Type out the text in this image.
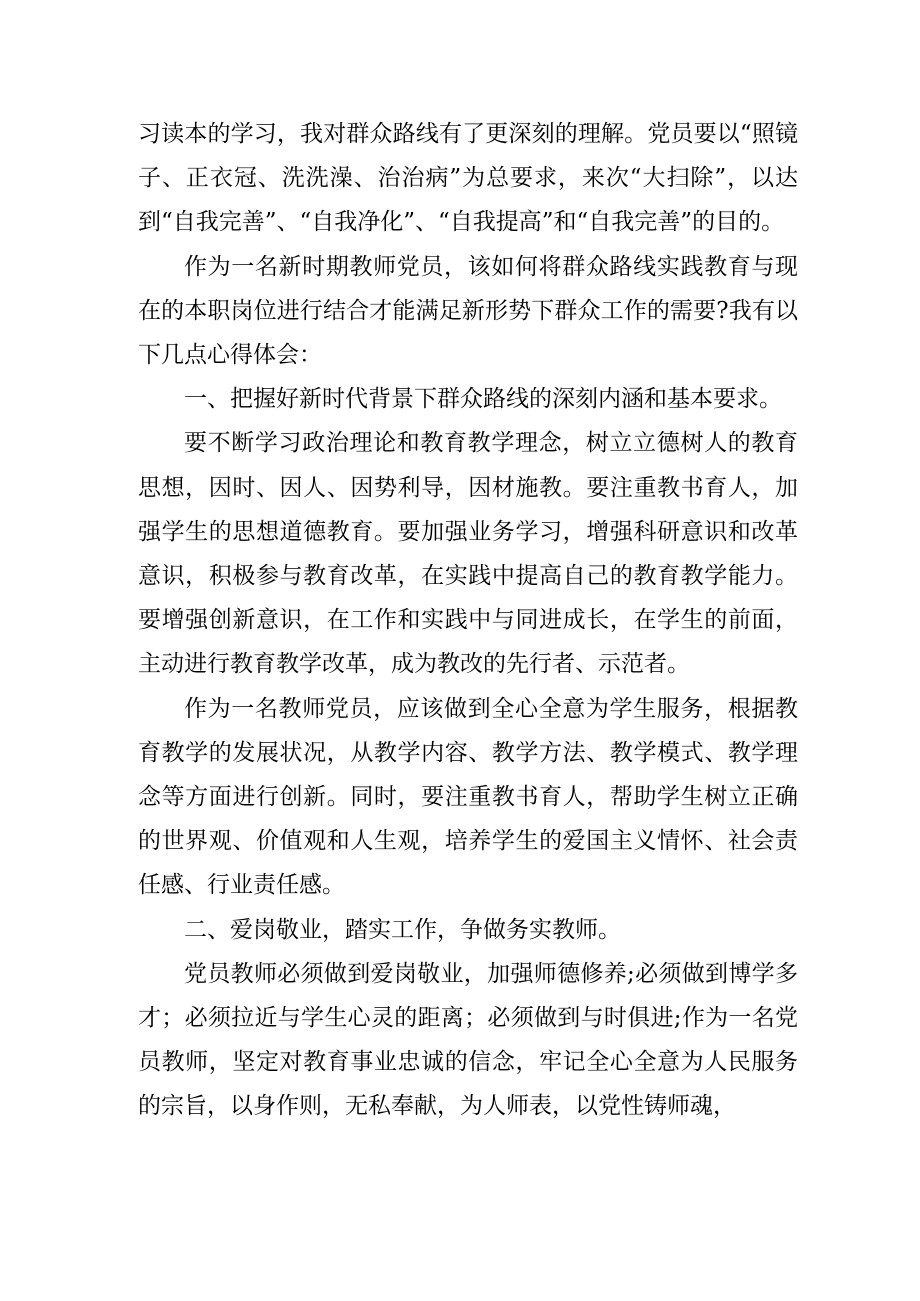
习读本的学习，我对群众路线有了更深刻的理解。党员要以“照镜子、正衣冠、洗洗澡、治治病”为总要求，来次“大扫除”，以达到“自我完善”、“自我净化”、“自我提高”和“自我完善”的目的。

作为一名新时期教师党员，该如何将群众路线实践教育与现在的本职岗位进行结合才能满足新形势下群众工作的需要?我有以下几点心得体会：

一、把握好新时代背景下群众路线的深刻内涵和基本要求。

要不断学习政治理论和教育教学理念，树立立德树人的教育思想，因时、因人、因势利导，因材施教。要注重教书育人，加强学生的思想道德教育。要加强业务学习，增强科研意识和改革意识，积极参与教育改革，在实践中提高自己的教育教学能力。要增强创新意识，在工作和实践中与同进成长，在学生的前面，主动进行教育教学改革，成为教改的先行者、示范者。

作为一名教师党员，应该做到全心全意为学生服务，根据教育教学的发展状况，从教学内容、教学方法、教学模式、教学理念等方面进行创新。同时，要注重教书育人，帮助学生树立正确的世界观、价值观和人生观，培养学生的爱国主义情怀、社会责任感、行业责任感。

二、爱岗敬业，踏实工作，争做务实教师。

党员教师必须做到爱岗敬业，加强师德修养;必须做到博学多才；必须拉近与学生心灵的距离；必须做到与时俱进;作为一名党员教师，坚定对教育事业忠诚的信念，牢记全心全意为人民服务的宗旨，以身作则，无私奉献，为人师表，以党性铸师魂，
